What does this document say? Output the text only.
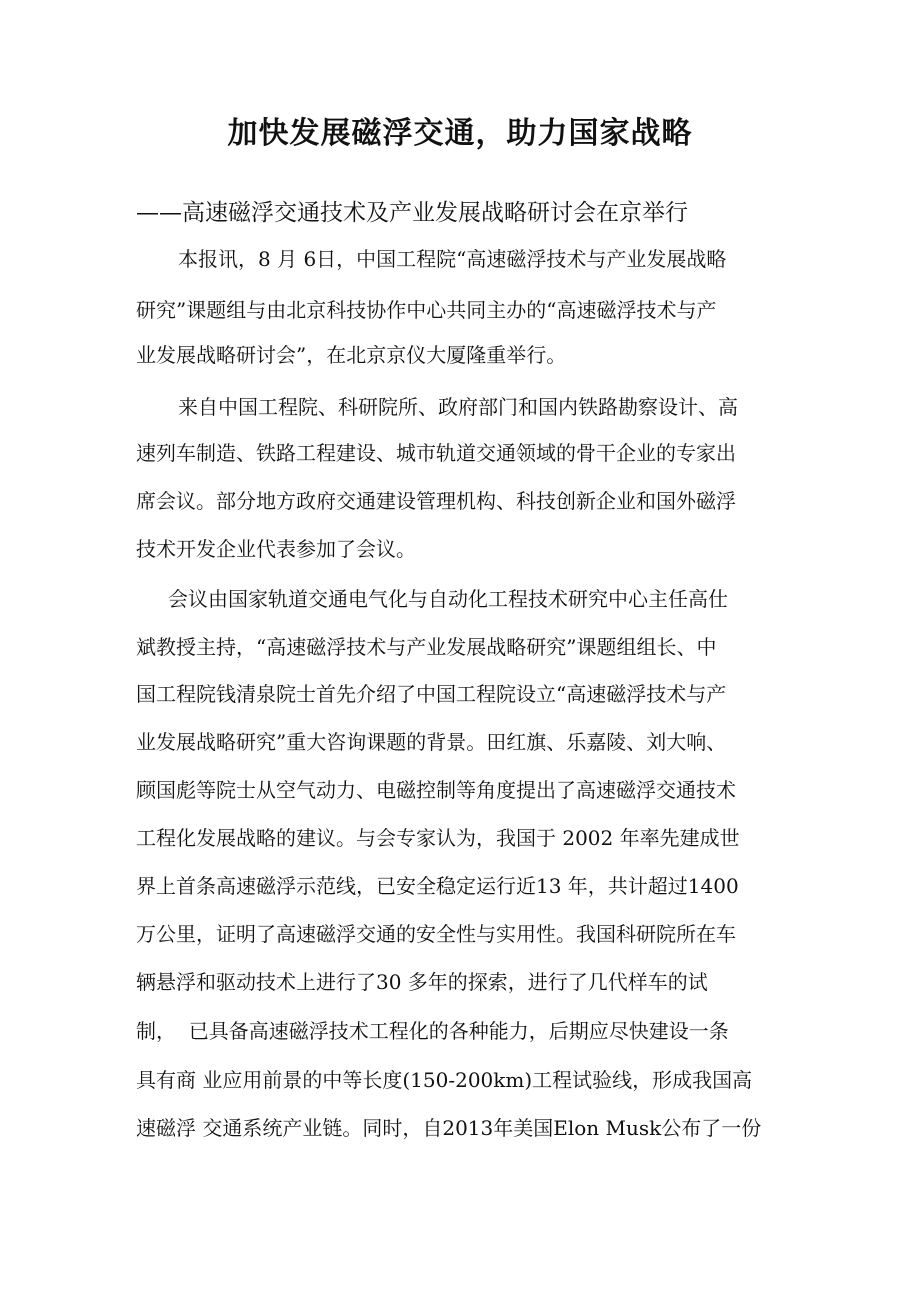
加快发展磁浮交通，助力国家战略

——高速磁浮交通技术及产业发展战略研讨会在京举行

本报讯，8 月 6日，中国工程院“高速磁浮技术与产业发展战略

研究”课题组与由北京科技协作中心共同主办的“高速磁浮技术与产

业发展战略研讨会”，在北京京仪大厦隆重举行。

来自中国工程院、科研院所、政府部门和国内铁路勘察设计、高

速列车制造、铁路工程建设、城市轨道交通领域的骨干企业的专家出

席会议。部分地方政府交通建设管理机构、科技创新企业和国外磁浮

技术开发企业代表参加了会议。

会议由国家轨道交通电气化与自动化工程技术研究中心主任高仕

斌教授主持，“高速磁浮技术与产业发展战略研究”课题组组长、中

国工程院钱清泉院士首先介绍了中国工程院设立“高速磁浮技术与产

业发展战略研究”重大咨询课题的背景。田红旗、乐嘉陵、刘大响、

顾国彪等院士从空气动力、电磁控制等角度提出了高速磁浮交通技术

工程化发展战略的建议。与会专家认为，我国于 2002 年率先建成世

界上首条高速磁浮示范线，已安全稳定运行近13 年，共计超过1400

万公里，证明了高速磁浮交通的安全性与实用性。我国科研院所在车

辆悬浮和驱动技术上进行了30 多年的探索，进行了几代样车的试

制，  已具备高速磁浮技术工程化的各种能力，后期应尽快建设一条

具有商 业应用前景的中等长度(150-200km)工程试验线，形成我国高

速磁浮 交通系统产业链。同时，自2013年美国Elon Musk公布了一份
